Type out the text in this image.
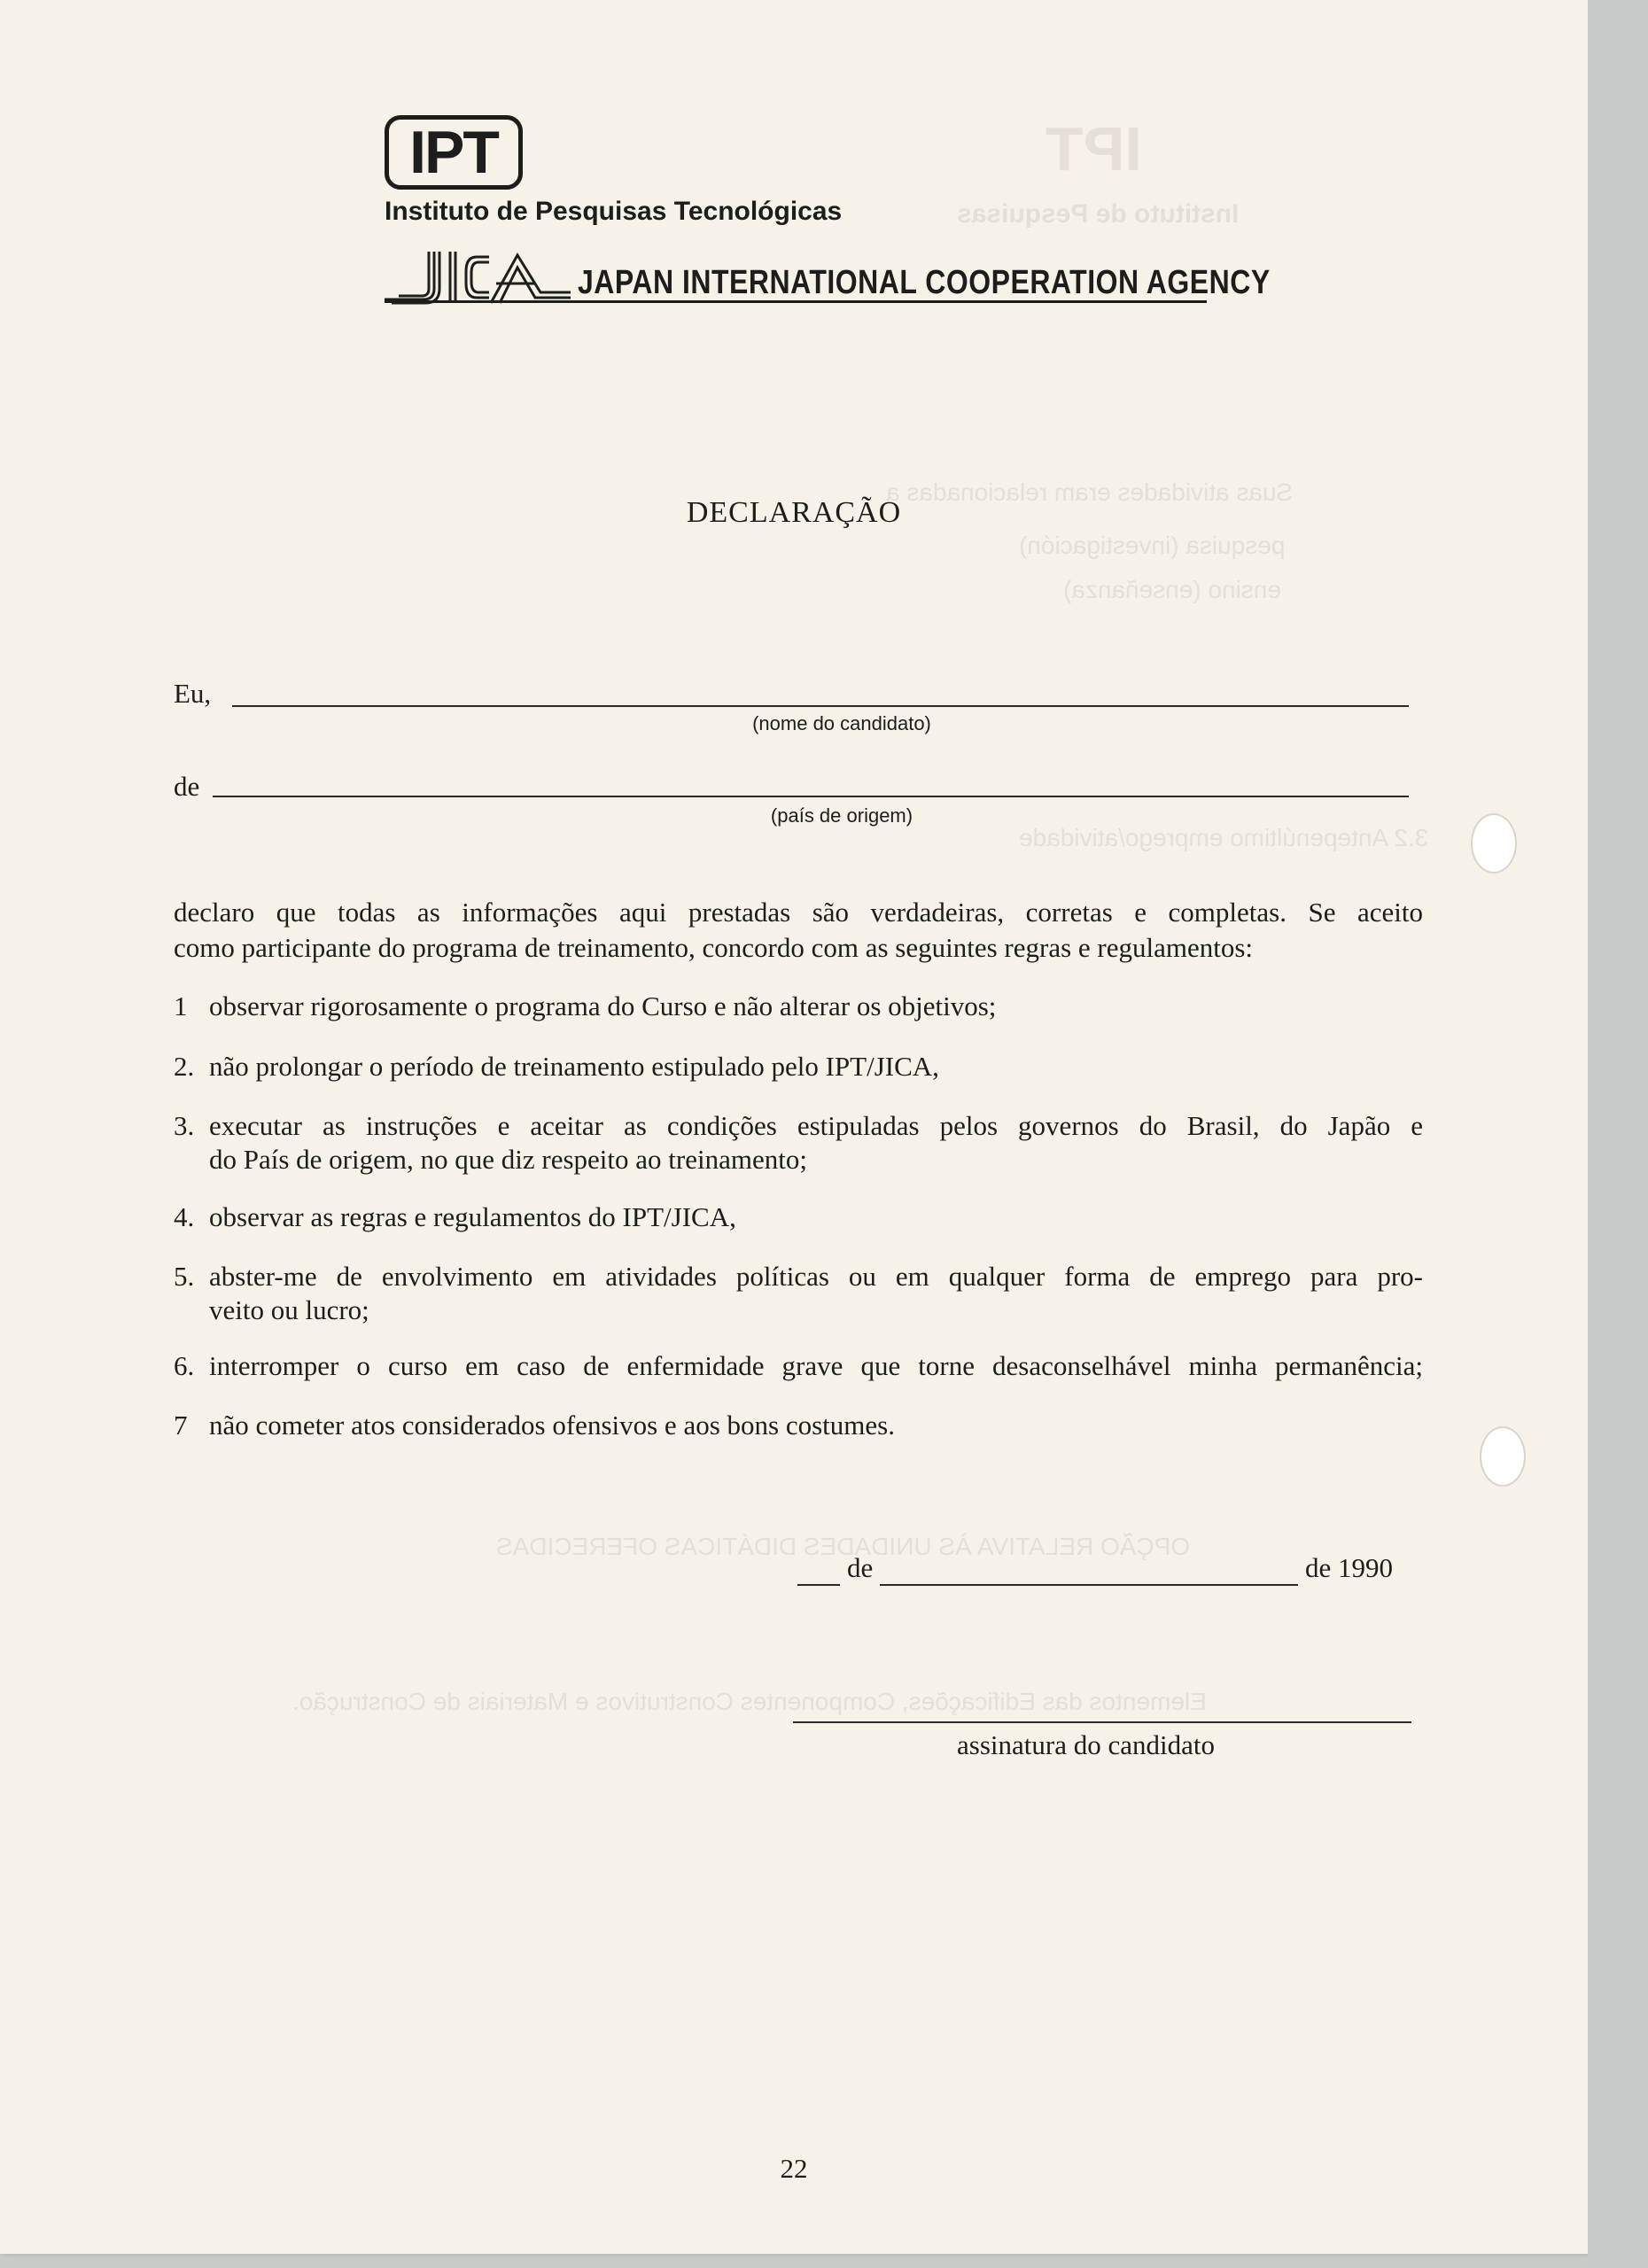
Instituto de Pesquisas
IPT
Suas atividades eram relacionadas a
pesquisa (investigación)
ensino (enseñanza)
3.2 Antepenúltimo emprego/atividade
OPÇÃO RELATIVA ÀS UNIDADES DIDÁTICAS OFERECIDAS
Elementos das Edificações, Componentes Construtivos e Materiais de Construção.
IPT
Instituto de Pesquisas Tecnológicas
JAPAN INTERNATIONAL COOPERATION AGENCY
DECLARAÇÃO
Eu,
(nome do candidato)
de
(país de origem)
declaro que todas as informações aqui prestadas são verdadeiras, corretas e completas. Se aceito
como participante do programa de treinamento, concordo com as seguintes regras e regulamentos:
1 observar rigorosamente o programa do Curso e não alterar os objetivos;
2. não prolongar o período de treinamento estipulado pelo IPT/JICA,
3. executar as instruções e aceitar as condições estipuladas pelos governos do Brasil, do Japão e
do País de origem, no que diz respeito ao treinamento;
4. observar as regras e regulamentos do IPT/JICA,
5. abster-me de envolvimento em atividades políticas ou em qualquer forma de emprego para pro-
veito ou lucro;
6. interromper o curso em caso de enfermidade grave que torne desaconselhável minha permanência;
7 não cometer atos considerados ofensivos e aos bons costumes.
de	de 1990
assinatura do candidato
22
